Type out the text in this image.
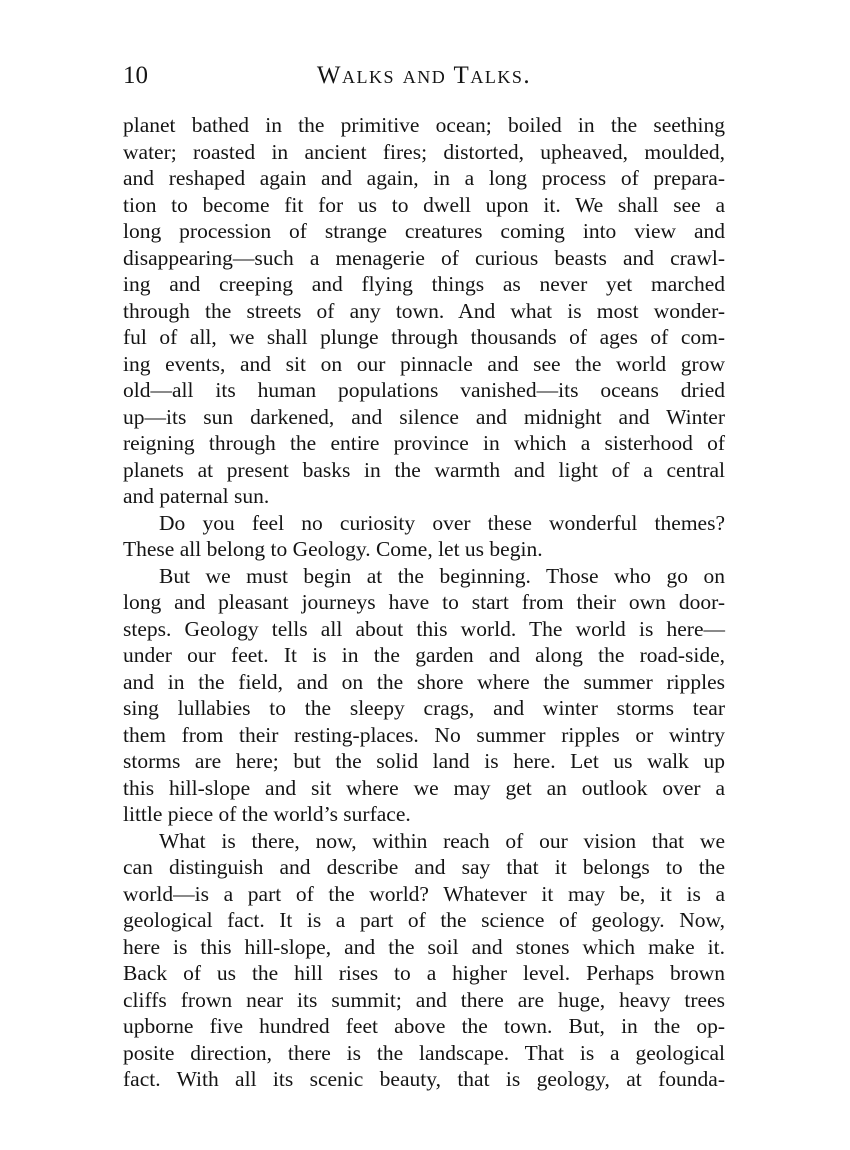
10	Walks and Talks.
planet bathed in the primitive ocean; boiled in the seething
water; roasted in ancient fires; distorted, upheaved, moulded,
and reshaped again and again, in a long process of prepara-
tion to become fit for us to dwell upon it. We shall see a
long procession of strange creatures coming into view and
disappearing—such a menagerie of curious beasts and crawl-
ing and creeping and flying things as never yet marched
through the streets of any town. And what is most wonder-
ful of all, we shall plunge through thousands of ages of com-
ing events, and sit on our pinnacle and see the world grow
old—all its human populations vanished—its oceans dried
up—its sun darkened, and silence and midnight and Winter
reigning through the entire province in which a sisterhood of
planets at present basks in the warmth and light of a central
and paternal sun.
Do you feel no curiosity over these wonderful themes?
These all belong to Geology. Come, let us begin.
But we must begin at the beginning. Those who go on
long and pleasant journeys have to start from their own door-
steps. Geology tells all about this world. The world is here—
under our feet. It is in the garden and along the road-side,
and in the field, and on the shore where the summer ripples
sing lullabies to the sleepy crags, and winter storms tear
them from their resting-places. No summer ripples or wintry
storms are here; but the solid land is here. Let us walk up
this hill-slope and sit where we may get an outlook over a
little piece of the world’s surface.
What is there, now, within reach of our vision that we
can distinguish and describe and say that it belongs to the
world—is a part of the world? Whatever it may be, it is a
geological fact. It is a part of the science of geology. Now,
here is this hill-slope, and the soil and stones which make it.
Back of us the hill rises to a higher level. Perhaps brown
cliffs frown near its summit; and there are huge, heavy trees
upborne five hundred feet above the town. But, in the op-
posite direction, there is the landscape. That is a geological
fact. With all its scenic beauty, that is geology, at founda-
